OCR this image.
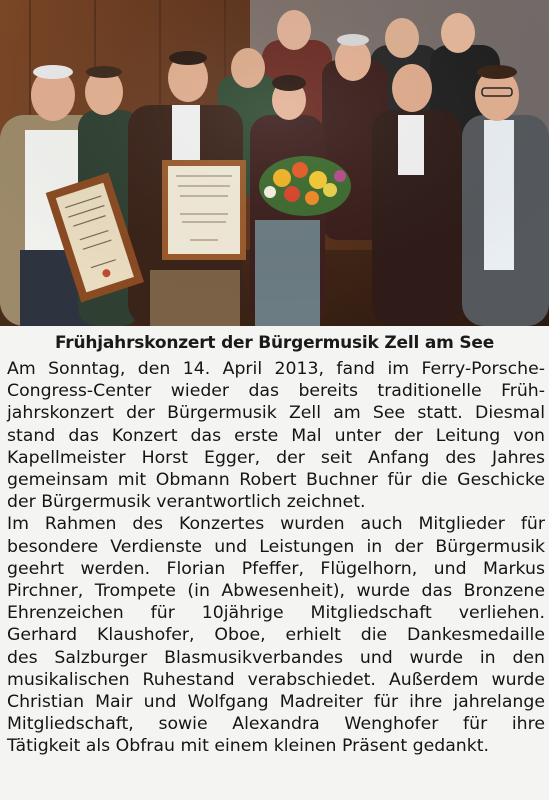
Frühjahrskonzert der Bürgermusik Zell am See
Am Sonntag, den 14. April 2013, fand im Ferry-Porsche-
Congress-Center wieder das bereits traditionelle Früh-
jahrskonzert der Bürgermusik Zell am See statt. Diesmal
stand das Konzert das erste Mal unter der Leitung von
Kapellmeister Horst Egger, der seit Anfang des Jahres
gemeinsam mit Obmann Robert Buchner für die Geschicke
der Bürgermusik verantwortlich zeichnet.
Im Rahmen des Konzertes wurden auch Mitglieder für
besondere Verdienste und Leistungen in der Bürgermusik
geehrt werden. Florian Pfeffer, Flügelhorn, und Markus
Pirchner, Trompete (in Abwesenheit), wurde das Bronzene
Ehrenzeichen für 10jährige Mitgliedschaft verliehen.
Gerhard Klaushofer, Oboe, erhielt die Dankesmedaille
des Salzburger Blasmusikverbandes und wurde in den
musikalischen Ruhestand verabschiedet. Außerdem wurde
Christian Mair und Wolfgang Madreiter für ihre jahrelange
Mitgliedschaft, sowie Alexandra Wenghofer für ihre
Tätigkeit als Obfrau mit einem kleinen Präsent gedankt.
